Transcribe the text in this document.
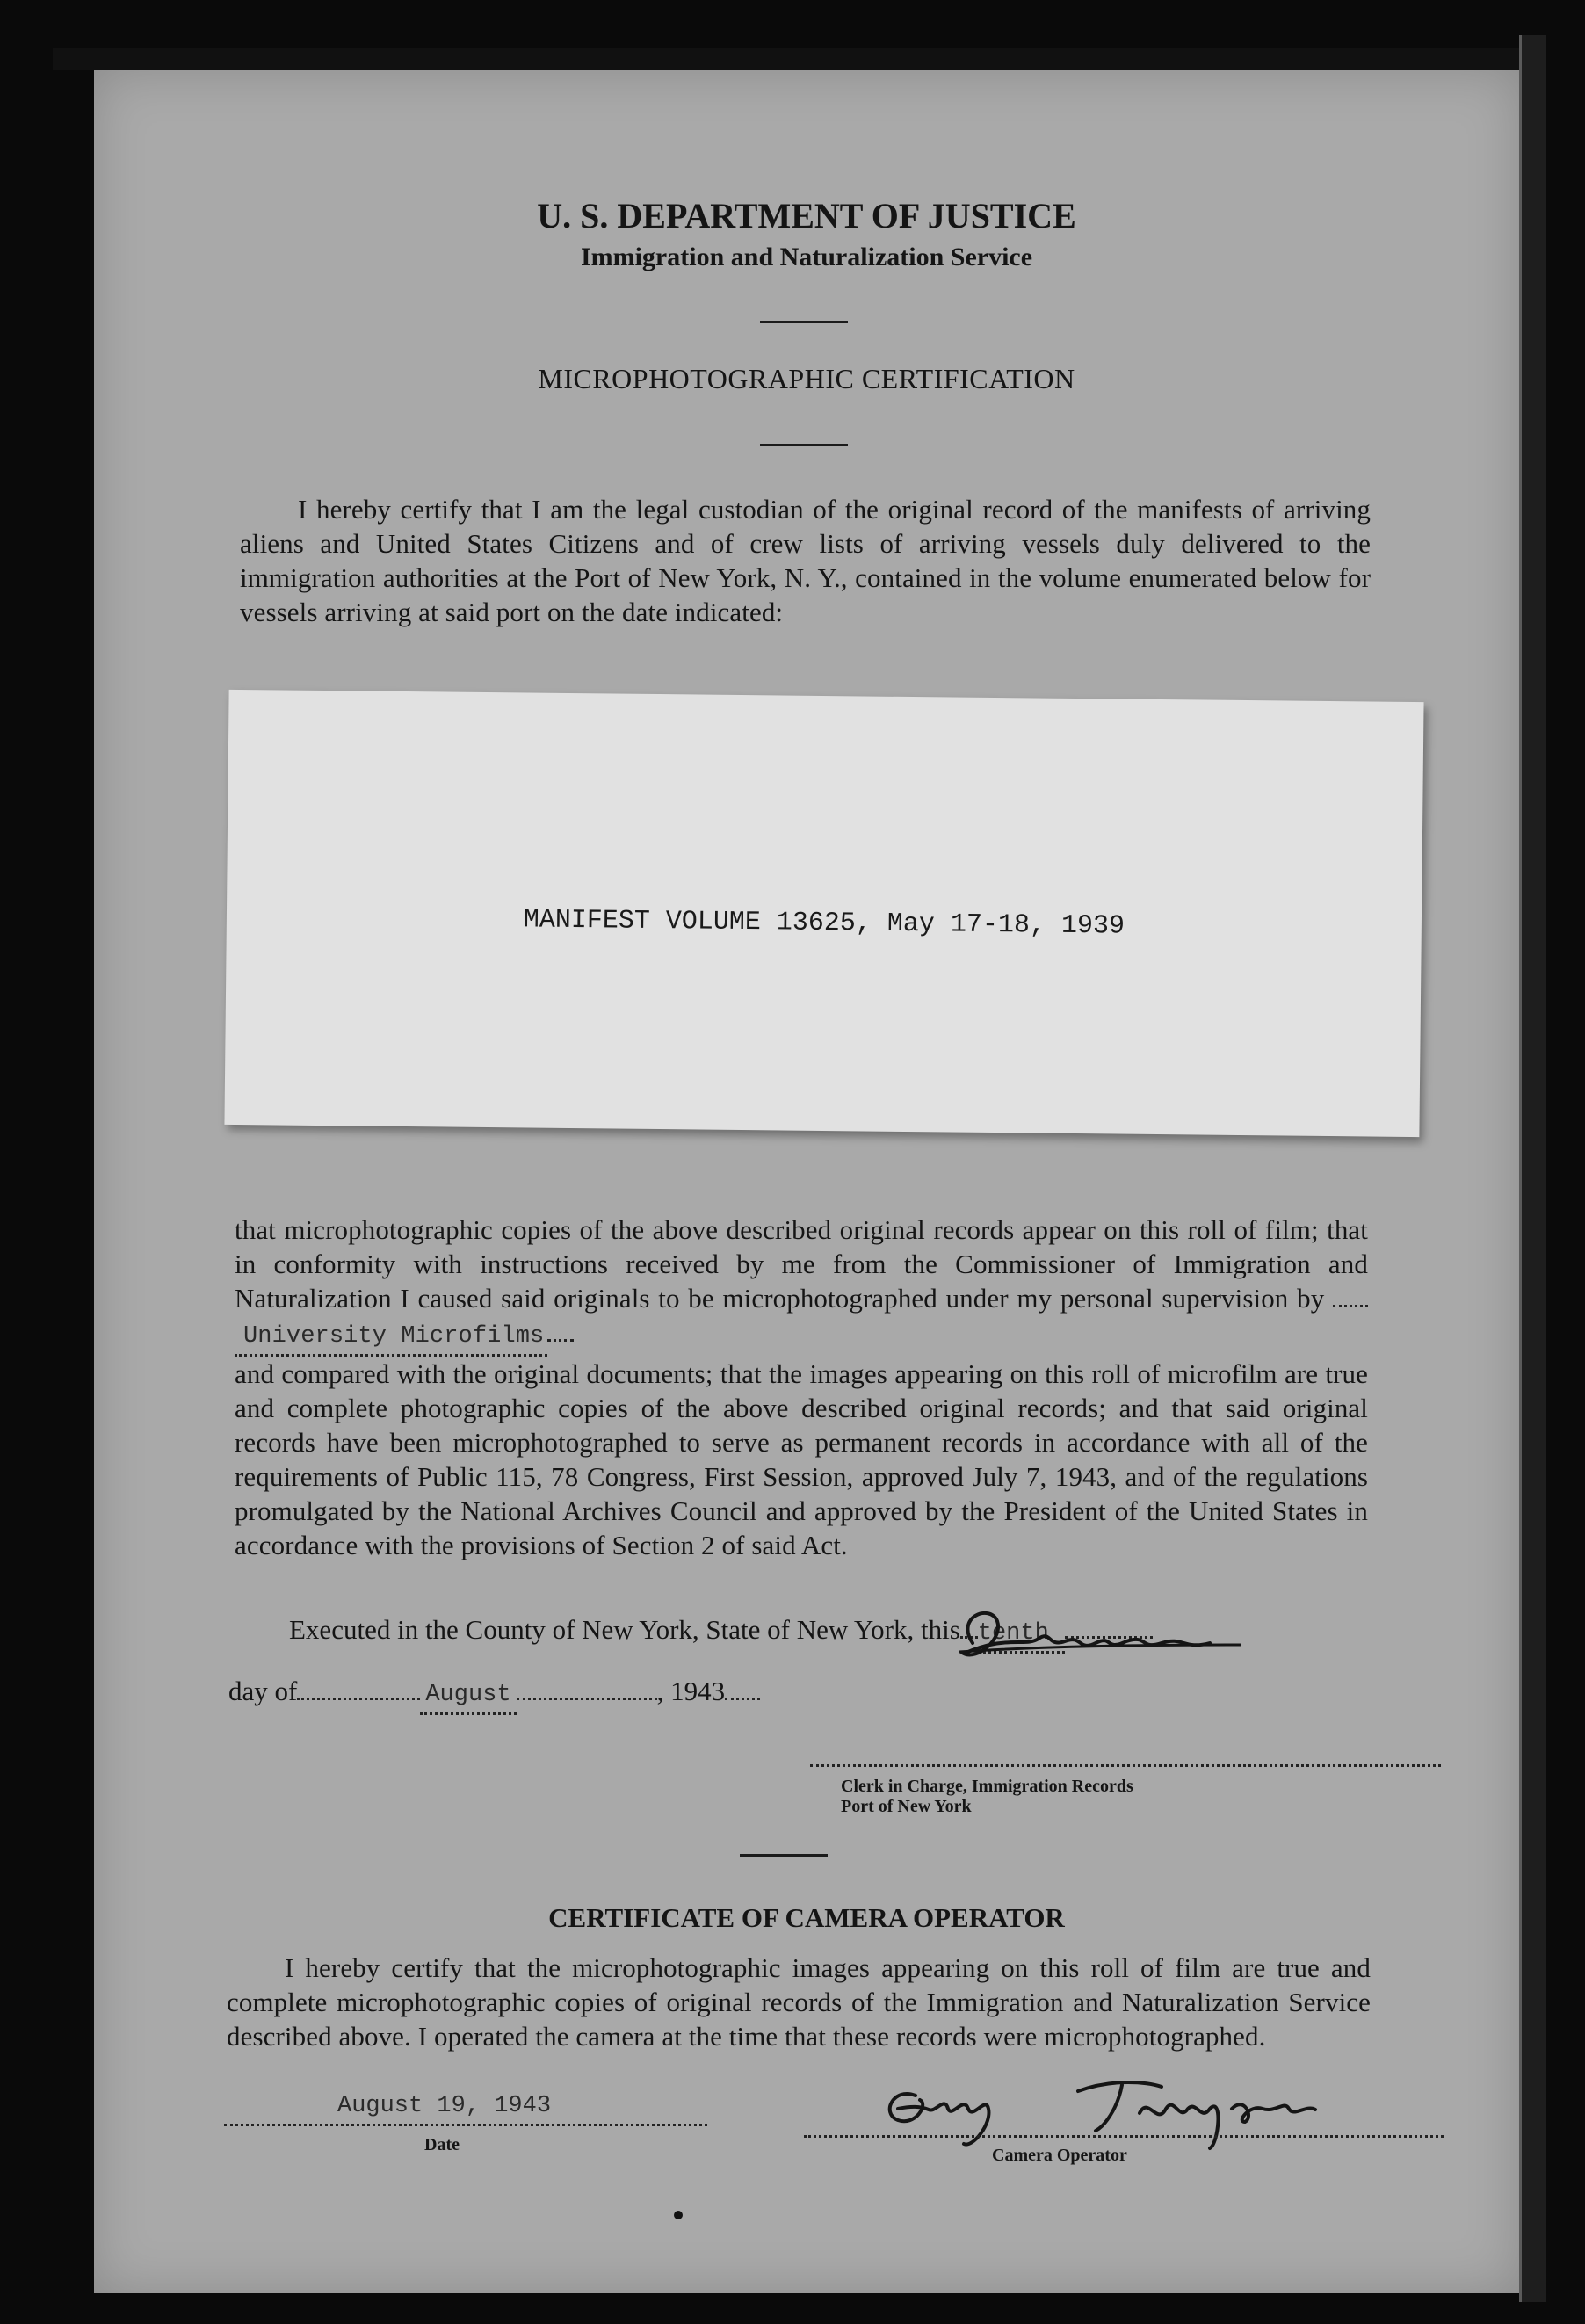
U. S. DEPARTMENT OF JUSTICE
Immigration and Naturalization Service
MICROPHOTOGRAPHIC CERTIFICATION

I hereby certify that I am the legal custodian of the original record of the manifests of arriving aliens and United States Citizens and of crew lists of arriving vessels duly delivered to the immigration authorities at the Port of New York, N. Y., contained in the volume enumerated below for vessels arriving at said port on the date indicated:

MANIFEST VOLUME 13625, May 17-18, 1939

that microphotographic copies of the above described original records appear on this roll of film; that in conformity with instructions received by me from the Commissioner of Immigration and Naturalization I caused said originals to be microphotographed under my personal supervision by University Microfilms

and compared with the original documents; that the images appearing on this roll of microfilm are true and complete photographic copies of the above described original records; and that said original records have been microphotographed to serve as permanent records in accordance with all of the requirements of Public 115, 78 Congress, First Session, approved July 7, 1943, and of the regulations promulgated by the National Archives Council and approved by the President of the United States in accordance with the provisions of Section 2 of said Act.

Executed in the County of New York, State of New York, this tenth
day of	August	, 1943
Clerk in Charge, Immigration Records
Port of New York
CERTIFICATE OF CAMERA OPERATOR

I hereby certify that the microphotographic images appearing on this roll of film are true and complete microphotographic copies of original records of the Immigration and Naturalization Service described above. I operated the camera at the time that these records were microphotographed.

August 19, 1943
Date
Camera Operator
